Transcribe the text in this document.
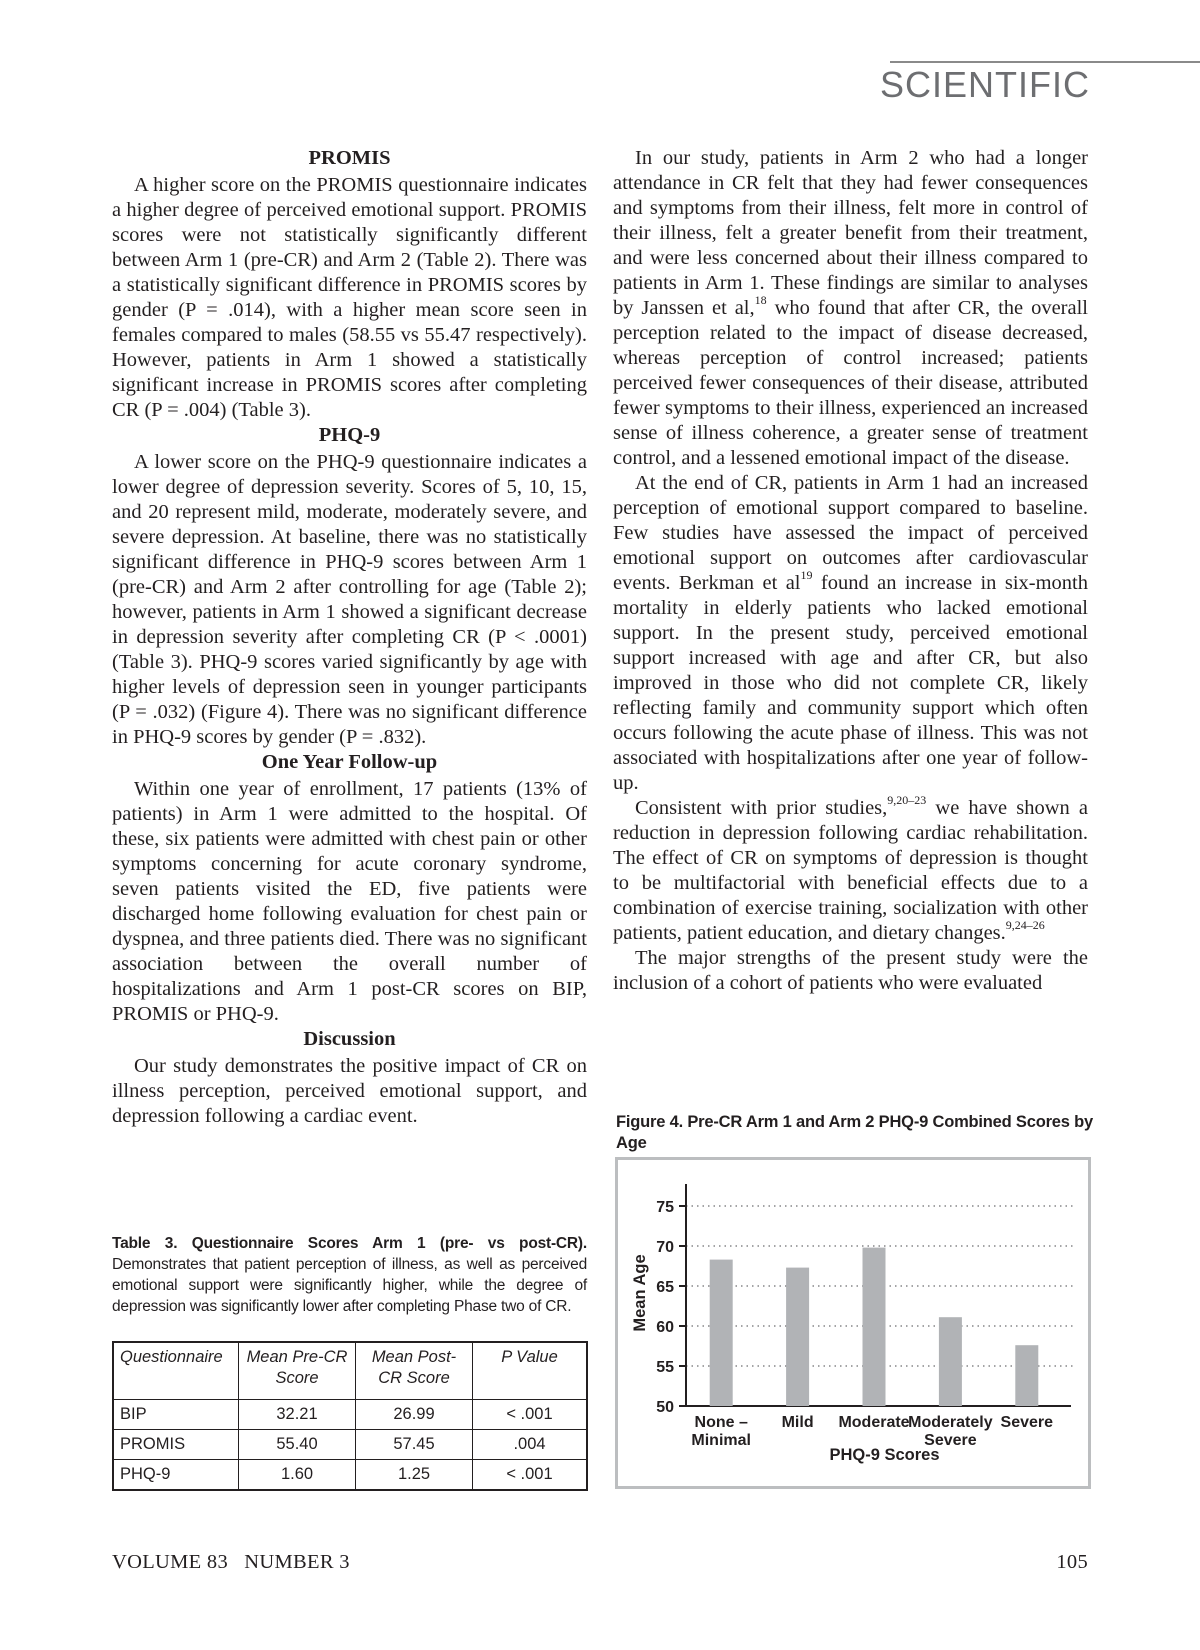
SCIENTIFIC
PROMIS

A higher score on the PROMIS questionnaire indicates a higher degree of perceived emotional support. PROMIS scores were not statistically significantly different between Arm 1 (pre-CR) and Arm 2 (Table 2). There was a statistically significant difference in PROMIS scores by gender (P = .014), with a higher mean score seen in females compared to males (58.55 vs 55.47 respectively). However, patients in Arm 1 showed a statistically significant increase in PROMIS scores after completing CR (P = .004) (Table 3).

PHQ-9

A lower score on the PHQ-9 questionnaire indicates a lower degree of depression severity. Scores of 5, 10, 15, and 20 represent mild, moderate, moderately severe, and severe depression. At baseline, there was no statistically significant difference in PHQ-9 scores between Arm 1 (pre-CR) and Arm 2 after controlling for age (Table 2); however, patients in Arm 1 showed a significant decrease in depression severity after completing CR (P < .0001) (Table 3). PHQ-9 scores varied significantly by age with higher levels of depression seen in younger participants (P = .032) (Figure 4). There was no significant difference in PHQ-9 scores by gender (P = .832).

One Year Follow-up

Within one year of enrollment, 17 patients (13% of patients) in Arm 1 were admitted to the hospital. Of these, six patients were admitted with chest pain or other symptoms concerning for acute coronary syndrome, seven patients visited the ED, five patients were discharged home following evaluation for chest pain or dyspnea, and three patients died. There was no significant association between the overall number of hospitalizations and Arm 1 post-CR scores on BIP, PROMIS or PHQ-9.

Discussion

Our study demonstrates the positive impact of CR on illness perception, perceived emotional support, and depression following a cardiac event.

In our study, patients in Arm 2 who had a longer attendance in CR felt that they had fewer consequences and symptoms from their illness, felt more in control of their illness, felt a greater benefit from their treatment, and were less concerned about their illness compared to patients in Arm 1. These findings are similar to analyses by Janssen et al,$^{18}$ who found that after CR, the overall perception related to the impact of disease decreased, whereas perception of control increased; patients perceived fewer consequences of their disease, attributed fewer symptoms to their illness, experienced an increased sense of illness coherence, a greater sense of treatment control, and a lessened emotional impact of the disease.

At the end of CR, patients in Arm 1 had an increased perception of emotional support compared to baseline. Few studies have assessed the impact of perceived emotional support on outcomes after cardiovascular events. Berkman et $al^{19}$ found an increase in six-month mortality in elderly patients who lacked emotional support. In the present study, perceived emotional support increased with age and after CR, but also improved in those who did not complete CR, likely reflecting family and community support which often occurs following the acute phase of illness. This was not associated with hospitalizations after one year of follow-up.

Consistent with prior studies,$^{9,20-23}$ we have shown a reduction in depression following cardiac rehabilitation. The effect of CR on symptoms of depression is thought to be multifactorial with beneficial effects due to a combination of exercise training, socialization with other patients, patient education, and dietary changes.$^{9,24-26}$

The major strengths of the present study were the inclusion of a cohort of patients who were evaluated

Table 3. Questionnaire Scores Arm 1 (pre- vs post-CR). Demonstrates that patient perception of illness, as well as perceived emotional support were significantly higher, while the degree of depression was significantly lower after completing Phase two of CR.
Questionnaire	Mean Pre-CR Score	Mean Post-CR Score	P Value
BIP	32.21	26.99	< .001
PROMIS	55.40	57.45	.004
PHQ-9	1.60	1.25	< .001
Figure 4. Pre-CR Arm 1 and Arm 2 PHQ-9 Combined Scores by Age
50
55
60
65
70
75
None –
Minimal
Mild Moderate
Moderately
Severe
Severe
PHQ-9 Scores
Mean Age
VOLUME 83   NUMBER 3	105
